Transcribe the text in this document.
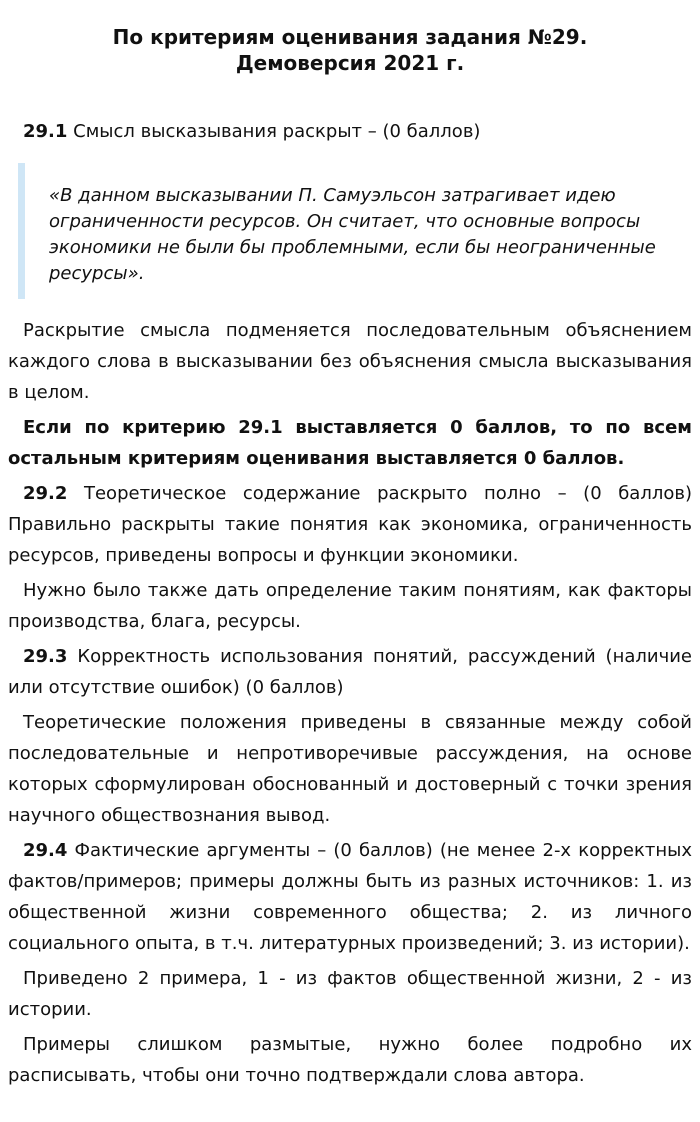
По критериям оценивания задания №29.
Демоверсия 2021 г.

29.1 Смысл высказывания раскрыт – (0 баллов)

«В данном высказывании П. Самуэльсон затрагивает идею ограниченности ресурсов. Он считает, что основные вопросы экономики не были бы проблемными, если бы неограниченные ресурсы».

Раскрытие смысла подменяется последовательным объяснением каждого слова в высказывании без объяснения смысла высказывания в целом.

Если по критерию 29.1 выставляется 0 баллов, то по всем остальным критериям оценивания выставляется 0 баллов.

29.2 Теоретическое содержание раскрыто полно – (0 баллов) Правильно раскрыты такие понятия как экономика, ограниченность ресурсов, приведены вопросы и функции экономики.

Нужно было также дать определение таким понятиям, как факторы производства, блага, ресурсы.

29.3 Корректность использования понятий, рассуждений (наличие или отсутствие ошибок) (0 баллов)

Теоретические положения приведены в связанные между собой последовательные и непротиворечивые рассуждения, на основе которых сформулирован обоснованный и достоверный с точки зрения научного обществознания вывод.

29.4 Фактические аргументы – (0 баллов) (не менее 2-х корректных фактов/примеров; примеры должны быть из разных источников: 1. из общественной жизни современного общества; 2. из личного социального опыта, в т.ч. литературных произведений; 3. из истории).

Приведено 2 примера, 1 - из фактов общественной жизни, 2 - из истории.

Примеры слишком размытые, нужно более подробно их расписывать, чтобы они точно подтверждали слова автора.
